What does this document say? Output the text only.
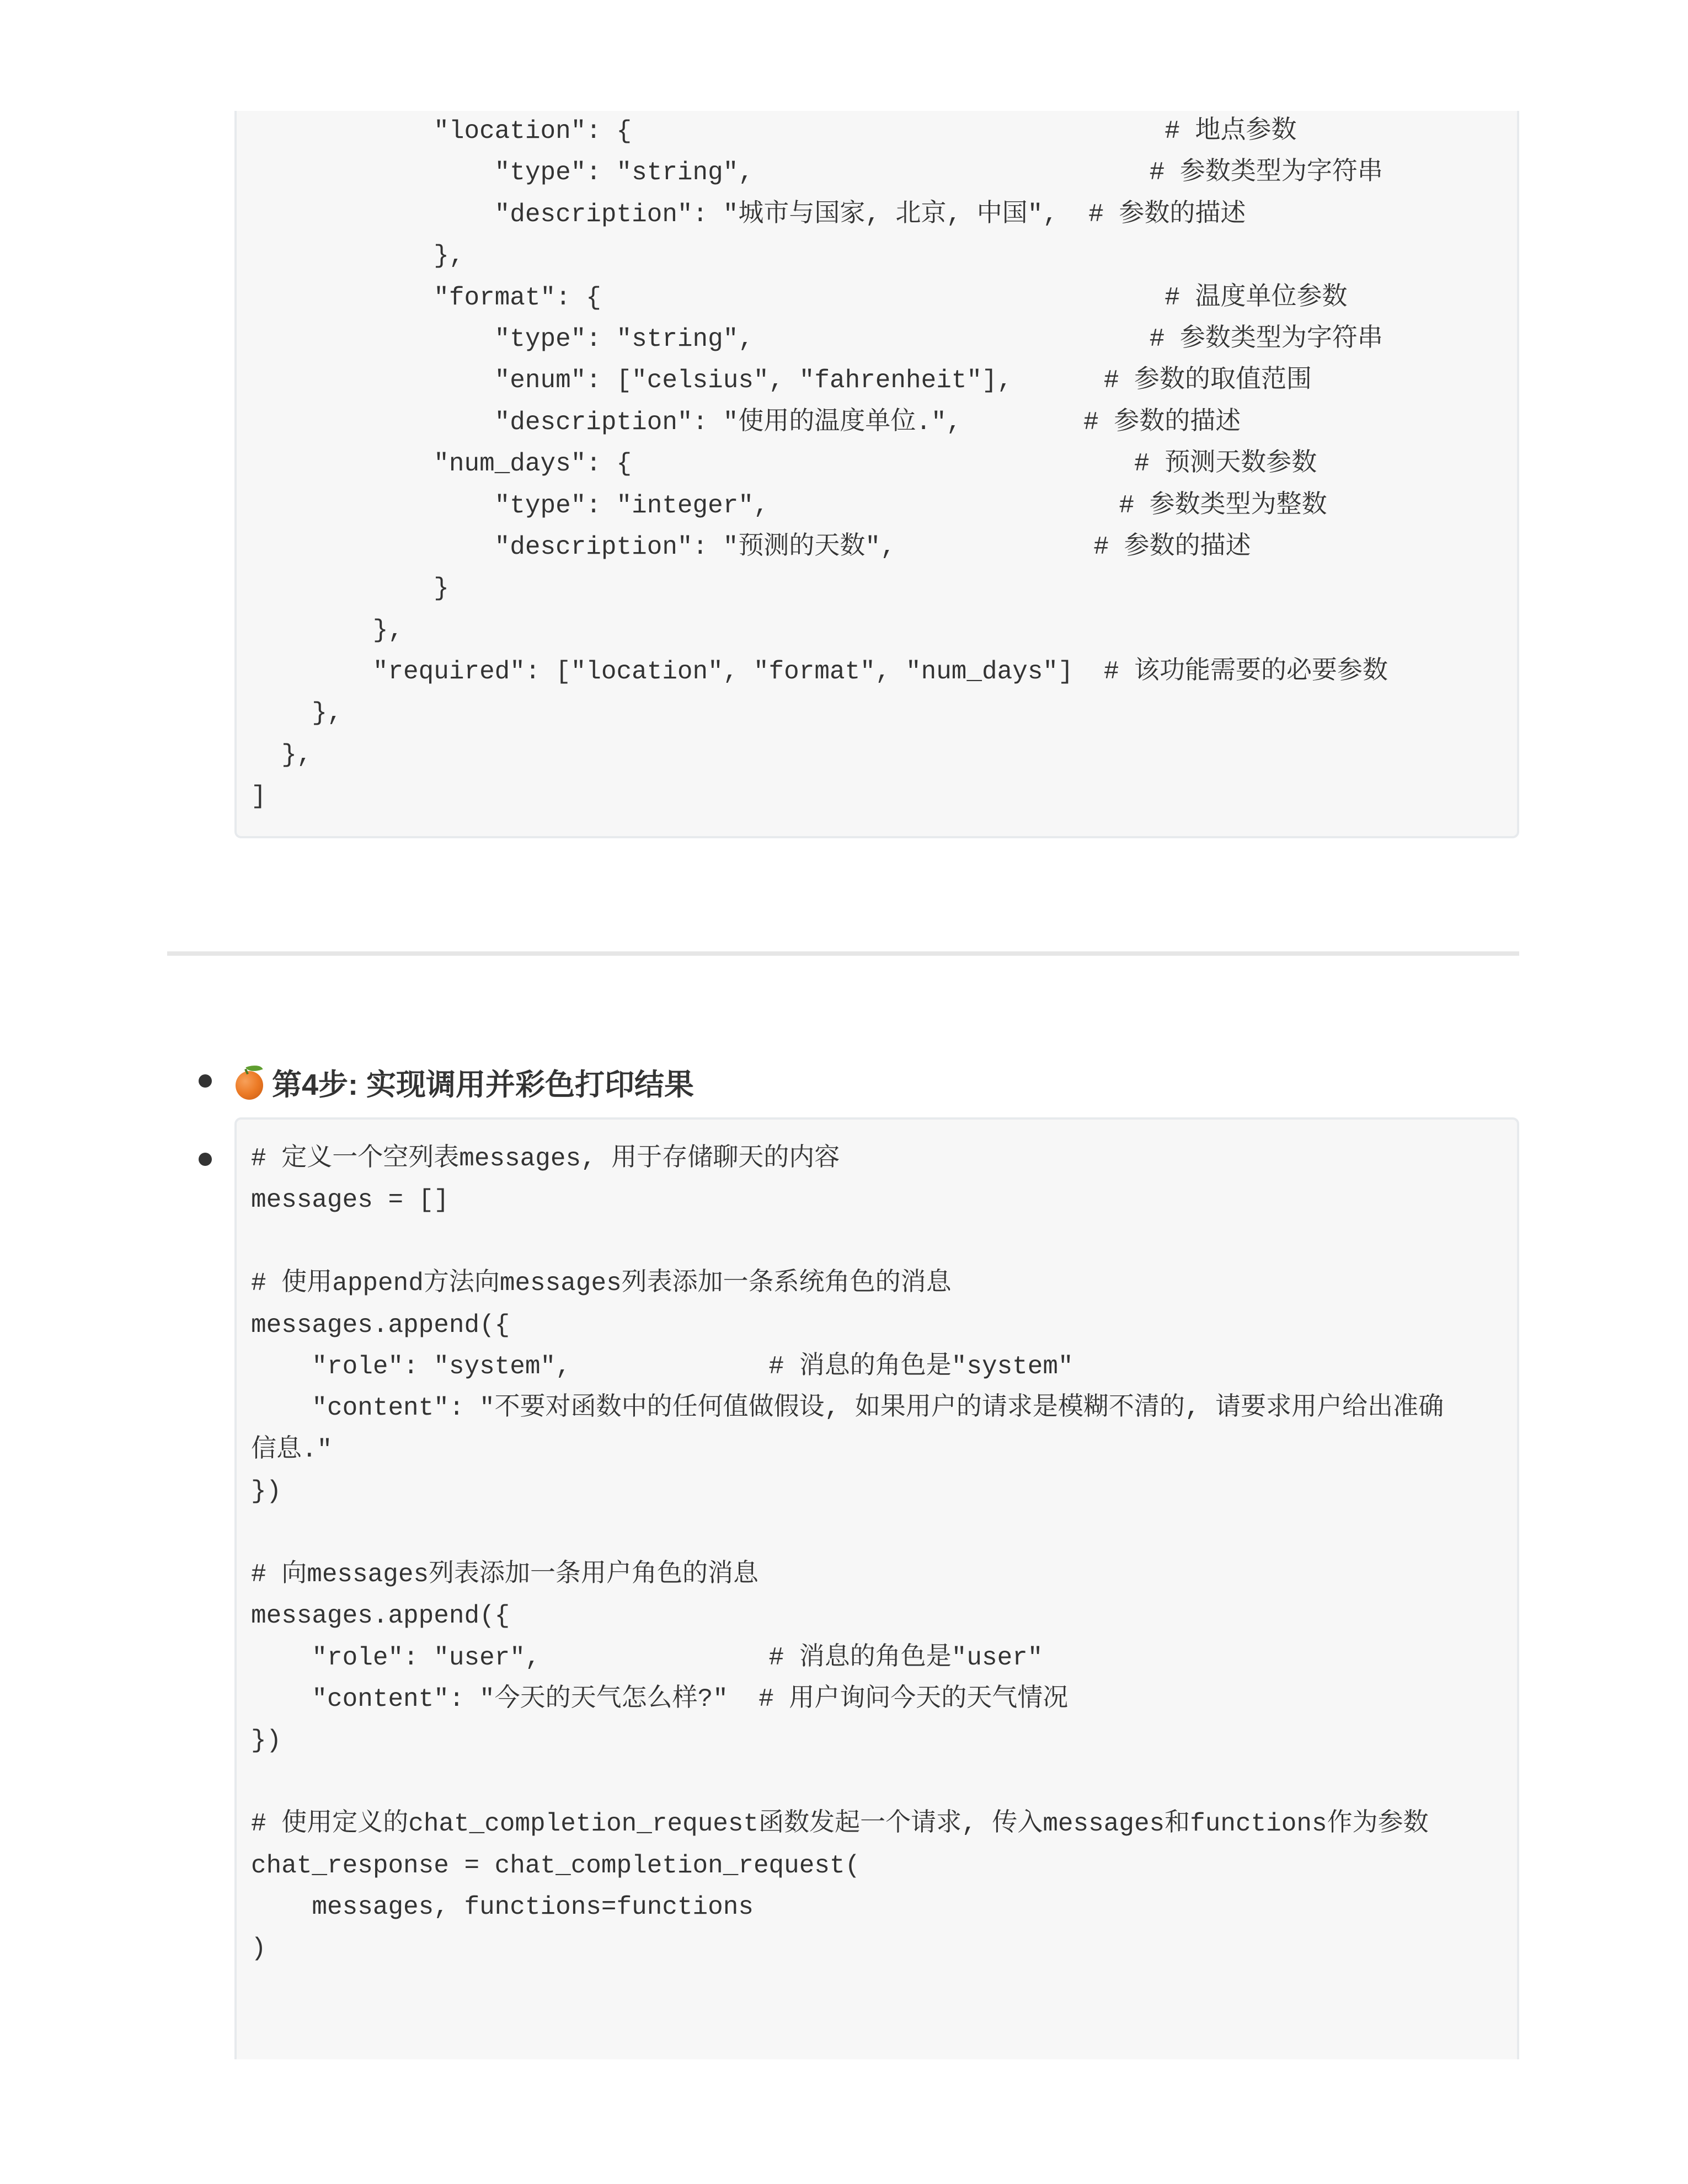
"location": {                                   # 地点参数
"type": "string",                          # 参数类型为字符串
"description": "城市与国家, 北京, 中国",  # 参数的描述
},
"format": {                                     # 温度单位参数
"type": "string",                          # 参数类型为字符串
"enum": ["celsius", "fahrenheit"],      # 参数的取值范围
"description": "使用的温度单位.",        # 参数的描述
"num_days": {                                 # 预测天数参数
"type": "integer",                       # 参数类型为整数
"description": "预测的天数",             # 参数的描述
}
},
"required": ["location", "format", "num_days"]  # 该功能需要的必要参数
},
},
]
第4步: 实现调用并彩色打印结果
# 定义一个空列表messages, 用于存储聊天的内容
messages = []
# 使用append方法向messages列表添加一条系统角色的消息
messages.append({
"role": "system",             # 消息的角色是"system"
"content": "不要对函数中的任何值做假设, 如果用户的请求是模糊不清的, 请要求用户给出准确
信息."
})
# 向messages列表添加一条用户角色的消息
messages.append({
"role": "user",               # 消息的角色是"user"
"content": "今天的天气怎么样?"  # 用户询问今天的天气情况
})
# 使用定义的chat_completion_request函数发起一个请求, 传入messages和functions作为参数
chat_response = chat_completion_request(
messages, functions=functions
)
